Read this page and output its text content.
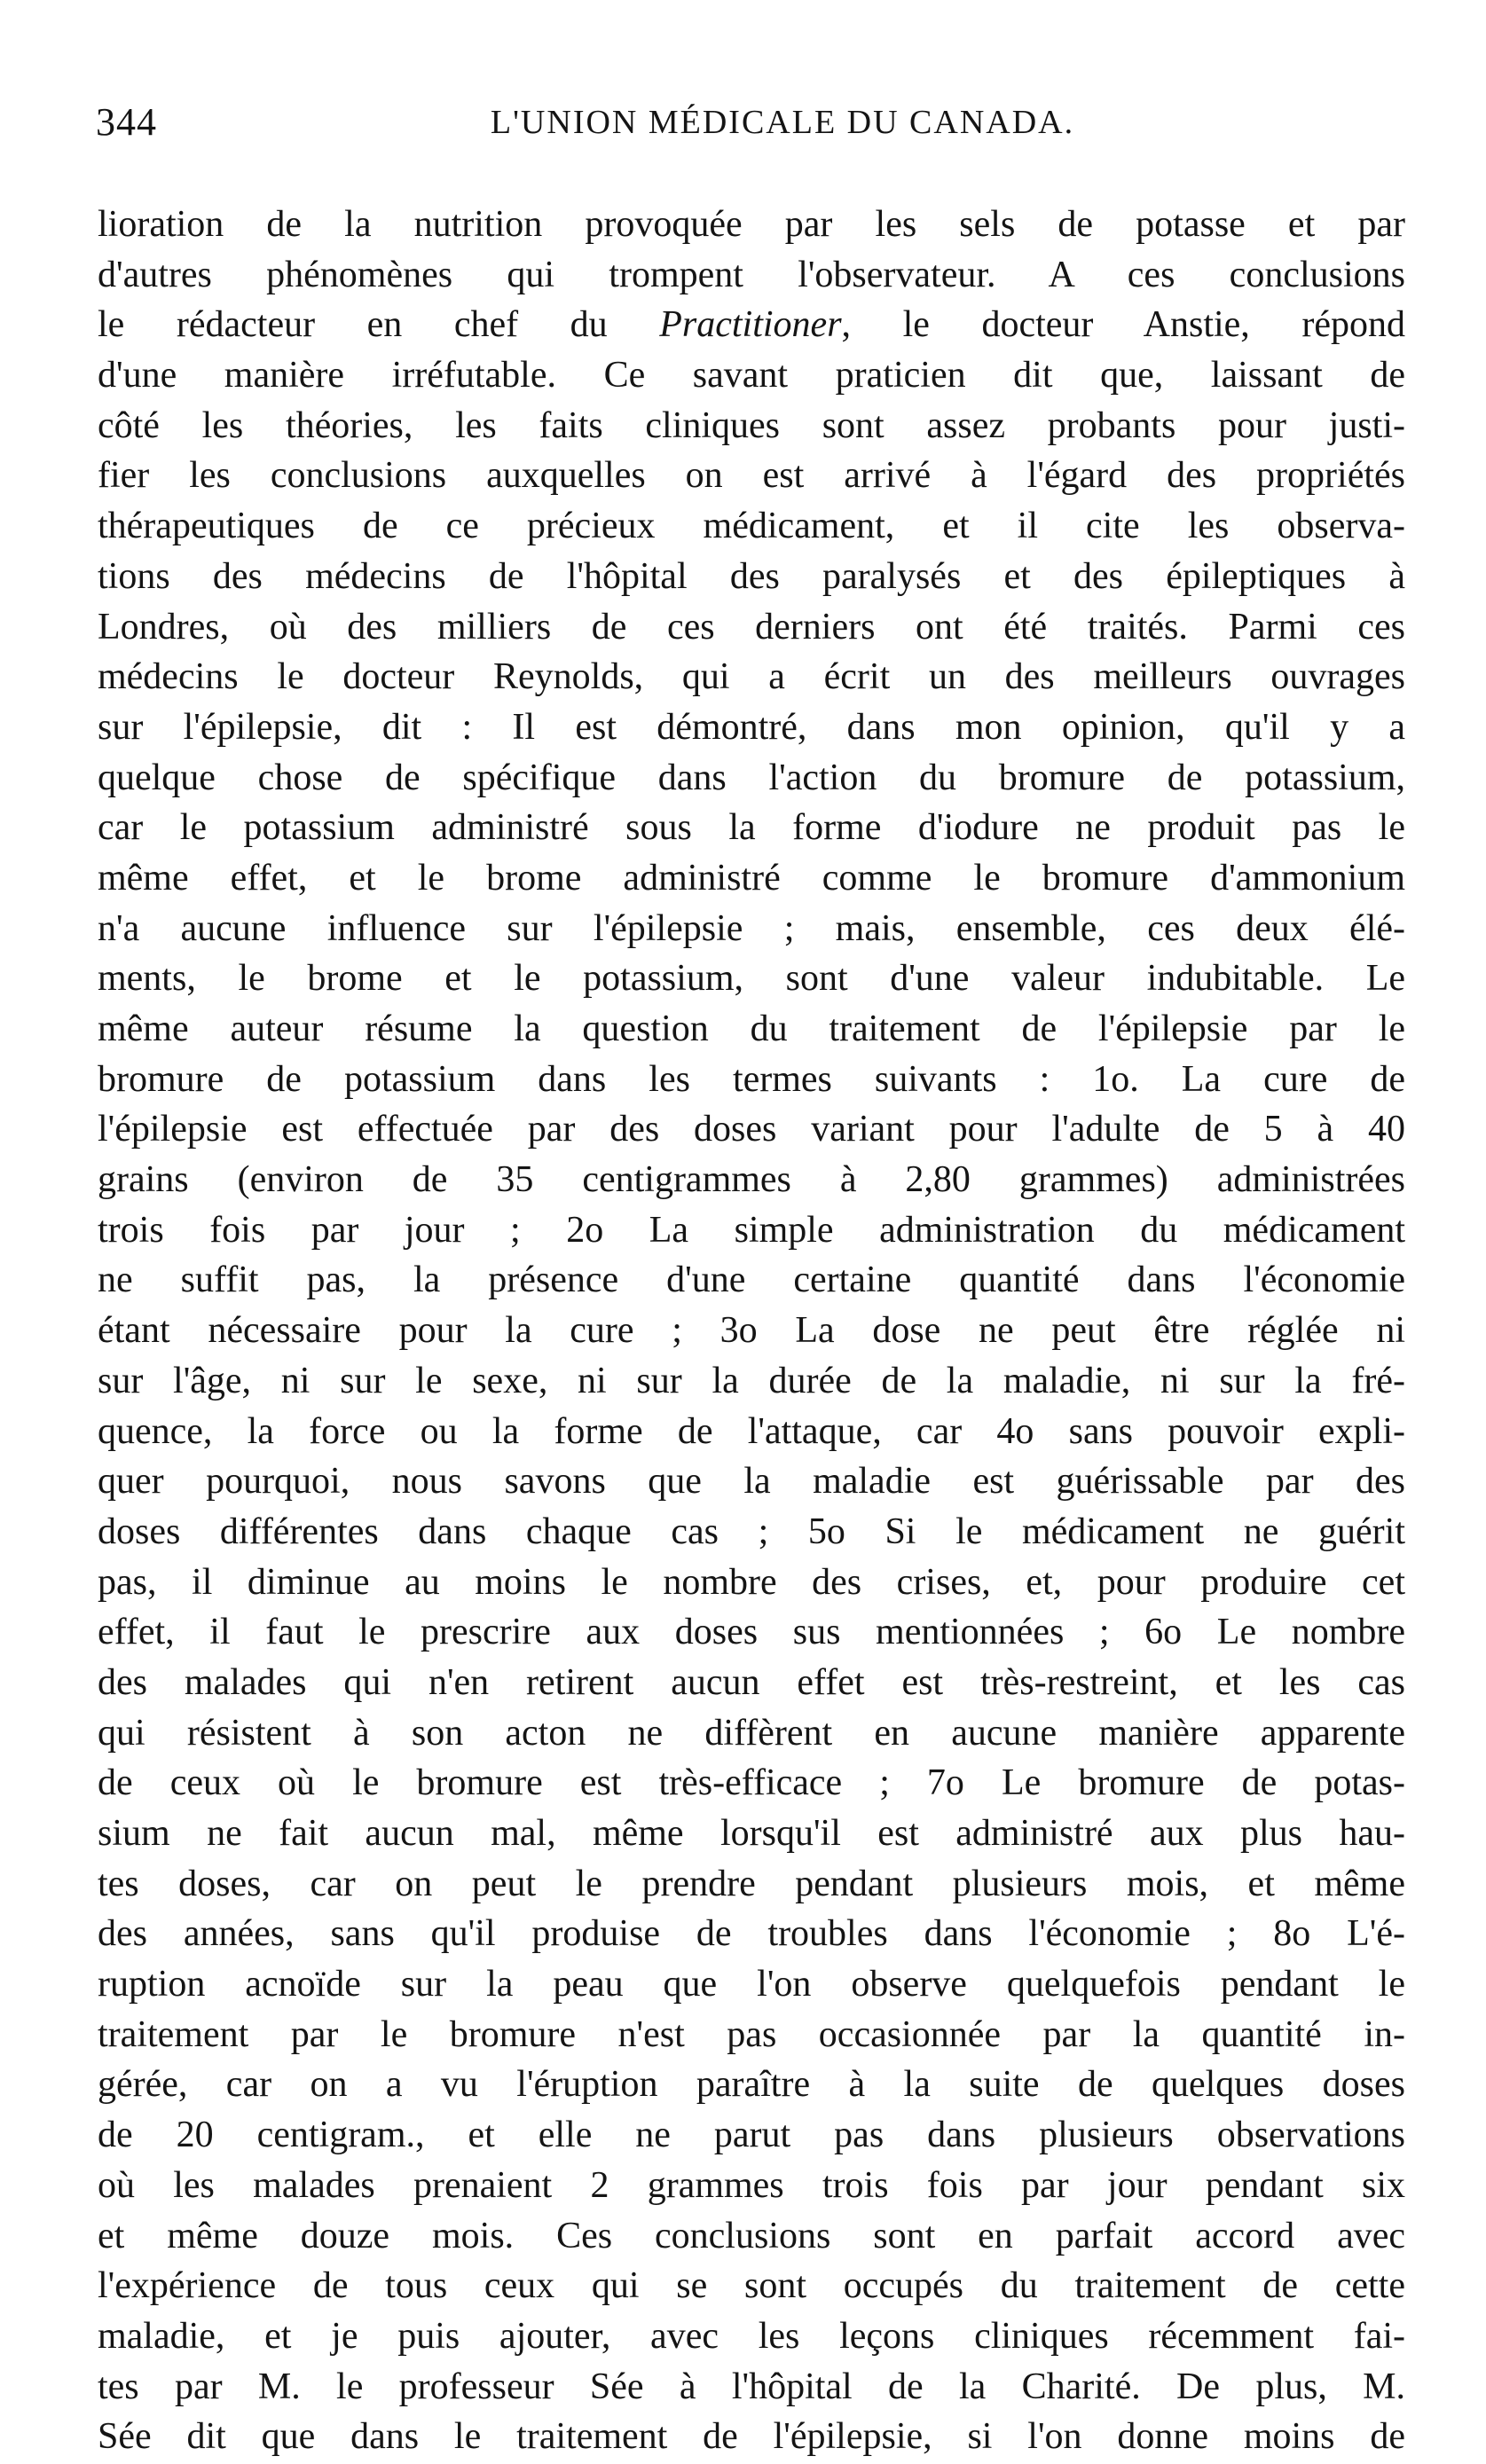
344	L'UNION MÉDICALE DU CANADA.
lioration de la nutrition provoquée par les sels de potasse et par
d'autres phénomènes qui trompent l'observateur. A ces conclusions
le rédacteur en chef du Practitioner, le docteur Anstie, répond
d'une manière irréfutable. Ce savant praticien dit que, laissant de
côté les théories, les faits cliniques sont assez probants pour justi-
fier les conclusions auxquelles on est arrivé à l'égard des propriétés
thérapeutiques de ce précieux médicament, et il cite les observa-
tions des médecins de l'hôpital des paralysés et des épileptiques à
Londres, où des milliers de ces derniers ont été traités. Parmi ces
médecins le docteur Reynolds, qui a écrit un des meilleurs ouvrages
sur l'épilepsie, dit : Il est démontré, dans mon opinion, qu'il y a
quelque chose de spécifique dans l'action du bromure de potassium,
car le potassium administré sous la forme d'iodure ne produit pas le
même effet, et le brome administré comme le bromure d'ammonium
n'a aucune influence sur l'épilepsie ; mais, ensemble, ces deux élé-
ments, le brome et le potassium, sont d'une valeur indubitable. Le
même auteur résume la question du traitement de l'épilepsie par le
bromure de potassium dans les termes suivants : 1o. La cure de
l'épilepsie est effectuée par des doses variant pour l'adulte de 5 à 40
grains (environ de 35 centigrammes à 2,80 grammes) administrées
trois fois par jour ; 2o La simple administration du médicament
ne suffit pas, la présence d'une certaine quantité dans l'économie
étant nécessaire pour la cure ; 3o La dose ne peut être réglée ni
sur l'âge, ni sur le sexe, ni sur la durée de la maladie, ni sur la fré-
quence, la force ou la forme de l'attaque, car 4o sans pouvoir expli-
quer pourquoi, nous savons que la maladie est guérissable par des
doses différentes dans chaque cas ; 5o Si le médicament ne guérit
pas, il diminue au moins le nombre des crises, et, pour produire cet
effet, il faut le prescrire aux doses sus mentionnées ; 6o Le nombre
des malades qui n'en retirent aucun effet est très-restreint, et les cas
qui résistent à son acton ne diffèrent en aucune manière apparente
de ceux où le bromure est très-efficace ; 7o Le bromure de potas-
sium ne fait aucun mal, même lorsqu'il est administré aux plus hau-
tes doses, car on peut le prendre pendant plusieurs mois, et même
des années, sans qu'il produise de troubles dans l'économie ; 8o L'é-
ruption acnoïde sur la peau que l'on observe quelquefois pendant le
traitement par le bromure n'est pas occasionnée par la quantité in-
gérée, car on a vu l'éruption paraître à la suite de quelques doses
de 20 centigram., et elle ne parut pas dans plusieurs observations
où les malades prenaient 2 grammes trois fois par jour pendant six
et même douze mois. Ces conclusions sont en parfait accord avec
l'expérience de tous ceux qui se sont occupés du traitement de cette
maladie, et je puis ajouter, avec les leçons cliniques récemment fai-
tes par M. le professeur Sée à l'hôpital de la Charité. De plus, M.
Sée dit que dans le traitement de l'épilepsie, si l'on donne moins de
